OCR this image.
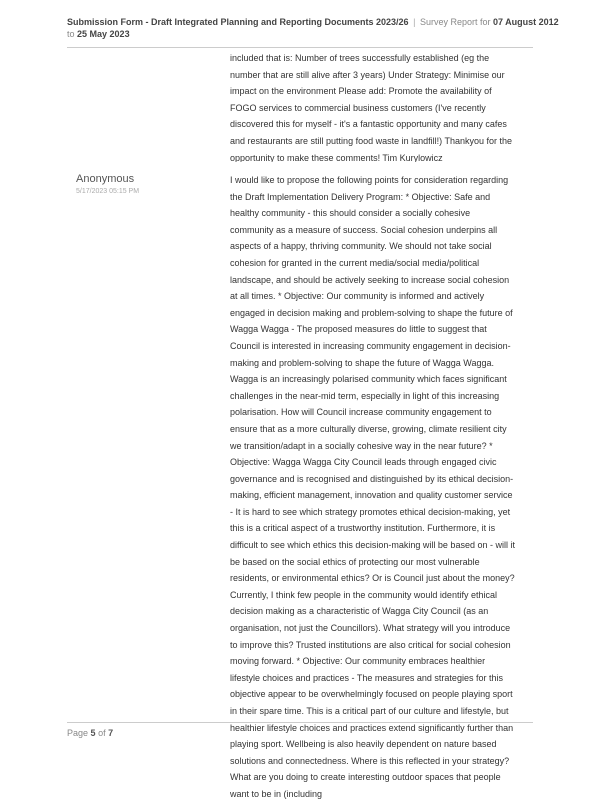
Submission Form - Draft Integrated Planning and Reporting Documents 2023/26 | Survey Report for 07 August 2012 to 25 May 2023
included that is: Number of trees successfully established (eg the number that are still alive after 3 years) Under Strategy: Minimise our impact on the environment Please add: Promote the availability of FOGO services to commercial business customers (I've recently discovered this for myself - it's a fantastic opportunity and many cafes and restaurants are still putting food waste in landfill!) Thankyou for the opportunity to make these comments! Tim Kurylowicz
Anonymous
5/17/2023 05:15 PM
I would like to propose the following points for consideration regarding the Draft Implementation Delivery Program: * Objective: Safe and healthy community - this should consider a socially cohesive community as a measure of success. Social cohesion underpins all aspects of a happy, thriving community. We should not take social cohesion for granted in the current media/social media/political landscape, and should be actively seeking to increase social cohesion at all times. * Objective: Our community is informed and actively engaged in decision making and problem-solving to shape the future of Wagga Wagga - The proposed measures do little to suggest that Council is interested in increasing community engagement in decision-making and problem-solving to shape the future of Wagga Wagga. Wagga is an increasingly polarised community which faces significant challenges in the near-mid term, especially in light of this increasing polarisation. How will Council increase community engagement to ensure that as a more culturally diverse, growing, climate resilient city we transition/adapt in a socially cohesive way in the near future? * Objective: Wagga Wagga City Council leads through engaged civic governance and is recognised and distinguished by its ethical decision-making, efficient management, innovation and quality customer service - It is hard to see which strategy promotes ethical decision-making, yet this is a critical aspect of a trustworthy institution. Furthermore, it is difficult to see which ethics this decision-making will be based on - will it be based on the social ethics of protecting our most vulnerable residents, or environmental ethics? Or is Council just about the money? Currently, I think few people in the community would identify ethical decision making as a characteristic of Wagga City Council (as an organisation, not just the Councillors). What strategy will you introduce to improve this? Trusted institutions are also critical for social cohesion moving forward. * Objective: Our community embraces healthier lifestyle choices and practices - The measures and strategies for this objective appear to be overwhelmingly focused on people playing sport in their spare time. This is a critical part of our culture and lifestyle, but healthier lifestyle choices and practices extend significantly further than playing sport. Wellbeing is also heavily dependent on nature based solutions and connectedness. Where is this reflected in your strategy? What are you doing to create interesting outdoor spaces that people want to be in (including
Page 5 of 7
